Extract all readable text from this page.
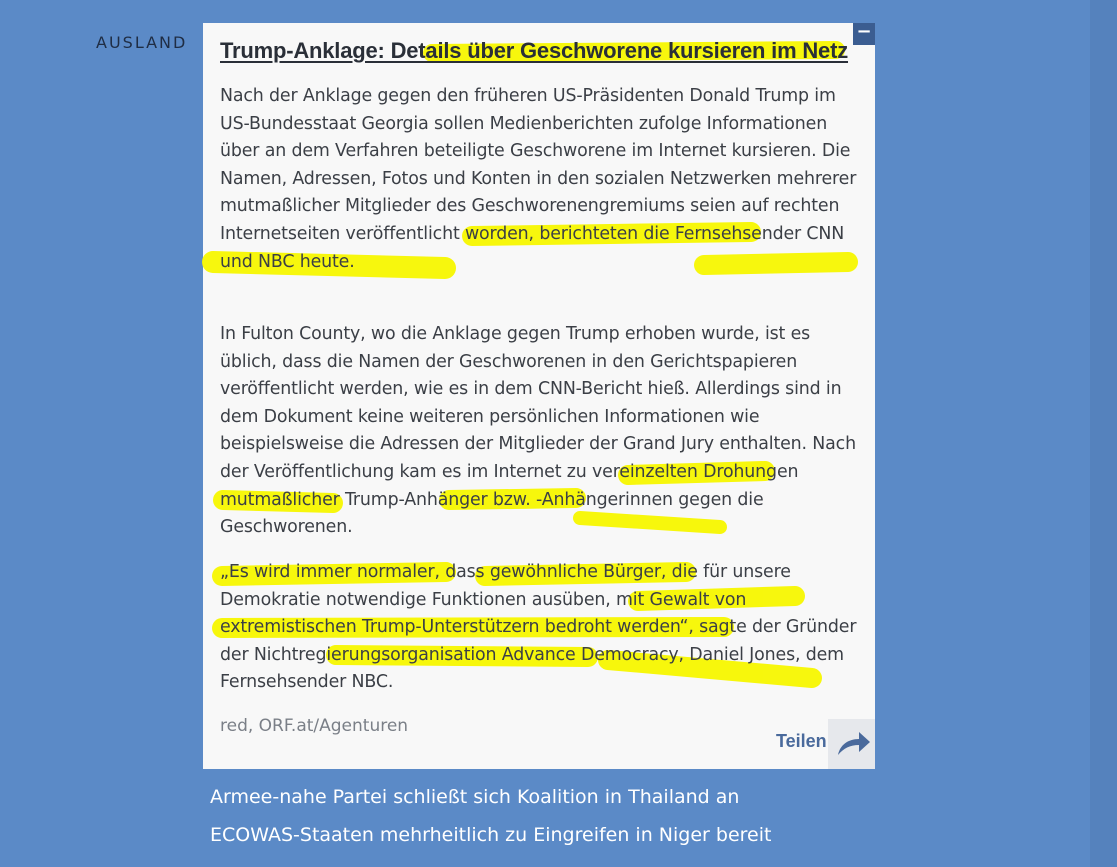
AUSLAND
−
Trump-Anklage: Details über Geschworene kursieren im Netz

Nach der Anklage gegen den früheren US-Präsidenten Donald Trump im US-Bundesstaat Georgia sollen Medienberichten zufolge Informationen über an dem Verfahren beteiligte Geschworene im Internet kursieren. Die Namen, Adressen, Fotos und Konten in den sozialen Netzwerken mehrerer mutmaßlicher Mitglieder des Geschworenengremiums seien auf rechten Internetseiten veröffentlicht worden, berichteten die Fernsehsender CNN und NBC heute.

In Fulton County, wo die Anklage gegen Trump erhoben wurde, ist es üblich, dass die Namen der Geschworenen in den Gerichtspapieren veröffentlicht werden, wie es in dem CNN-Bericht hieß. Allerdings sind in dem Dokument keine weiteren persönlichen Informationen wie beispielsweise die Adressen der Mitglieder der Grand Jury enthalten. Nach der Veröffentlichung kam es im Internet zu vereinzelten Drohungen mutmaßlicher Trump-Anhänger bzw. -Anhängerinnen gegen die Geschworenen.

„Es wird immer normaler, dass gewöhnliche Bürger, die für unsere Demokratie notwendige Funktionen ausüben, mit Gewalt von extremistischen Trump-Unterstützern bedroht werden“, sagte der Gründer der Nichtregierungsorganisation Advance Democracy, Daniel Jones, dem Fernsehsender NBC.

red, ORF.at/Agenturen
Teilen
Armee-nahe Partei schließt sich Koalition in Thailand an
ECOWAS-Staaten mehrheitlich zu Eingreifen in Niger bereit
